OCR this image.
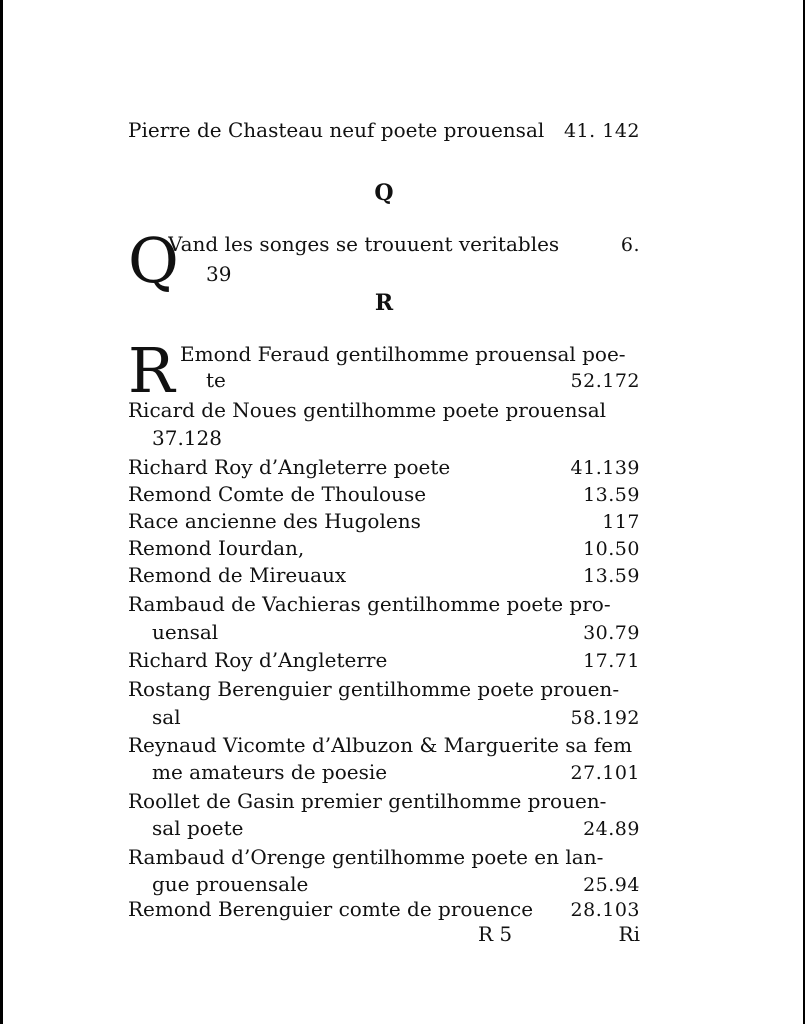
Pierre de Chasteau neuf poete prouensal 41. 142
Q
Q
Vand les songes se trouuent veritables	6.
39
R
R Emond Feraud gentilhomme prouensal poe-
te	52.172
Ricard de Noues gentilhomme poete prouensal
37.128
Richard Roy d’Angleterre poete	41.139
Remond Comte de Thoulouse	13.59
Race ancienne des Hugolens	117
Remond Iourdan,	10.50
Remond de Mireuaux	13.59
Rambaud de Vachieras gentilhomme poete pro-
uensal	30.79
Richard Roy d’Angleterre	17.71
Rostang Berenguier gentilhomme poete prouen-
sal	58.192
Reynaud Vicomte d’Albuzon & Marguerite sa fem
me amateurs de poesie	27.101
Roollet de Gasin premier gentilhomme prouen-
sal poete	24.89
Rambaud d’Orenge gentilhomme poete en lan-
gue prouensale	25.94
Remond Berenguier comte de prouence 28.103
R 5	Ri
